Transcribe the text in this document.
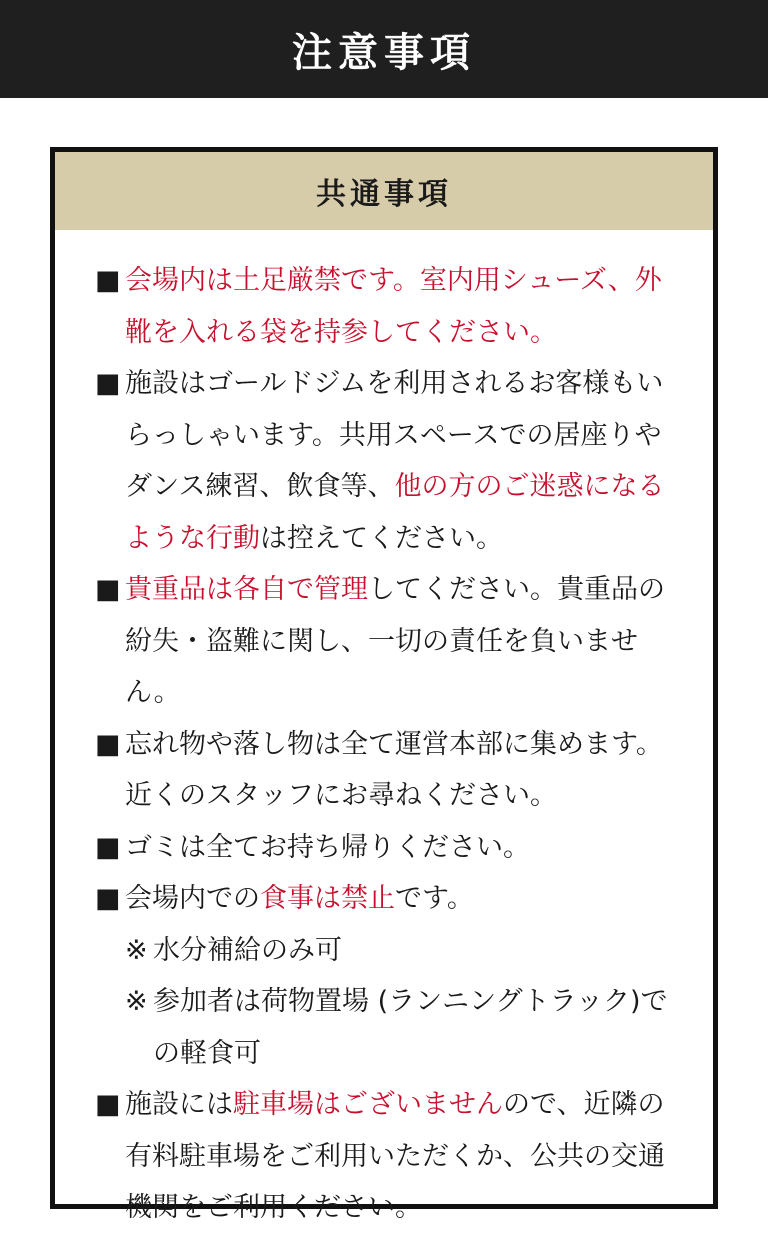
注意事項
共通事項
■ 会場内は土足厳禁です。室内用シューズ、外靴を入れる袋を持参してください。
■ 施設はゴールドジムを利用されるお客様もいらっしゃいます。共用スペースでの居座りやダンス練習、飲食等、他の方のご迷惑になるような行動は控えてください。
■ 貴重品は各自で管理してください。貴重品の紛失・盗難に関し、一切の責任を負いません。
■ 忘れ物や落し物は全て運営本部に集めます。近くのスタッフにお尋ねください。
■ ゴミは全てお持ち帰りください。
■ 会場内での食事は禁止です。
※ 水分補給のみ可
※ 参加者は荷物置場 (ランニングトラック)での軽食可
■ 施設には駐車場はございませんので、近隣の有料駐車場をご利用いただくか、公共の交通機関をご利用ください。
